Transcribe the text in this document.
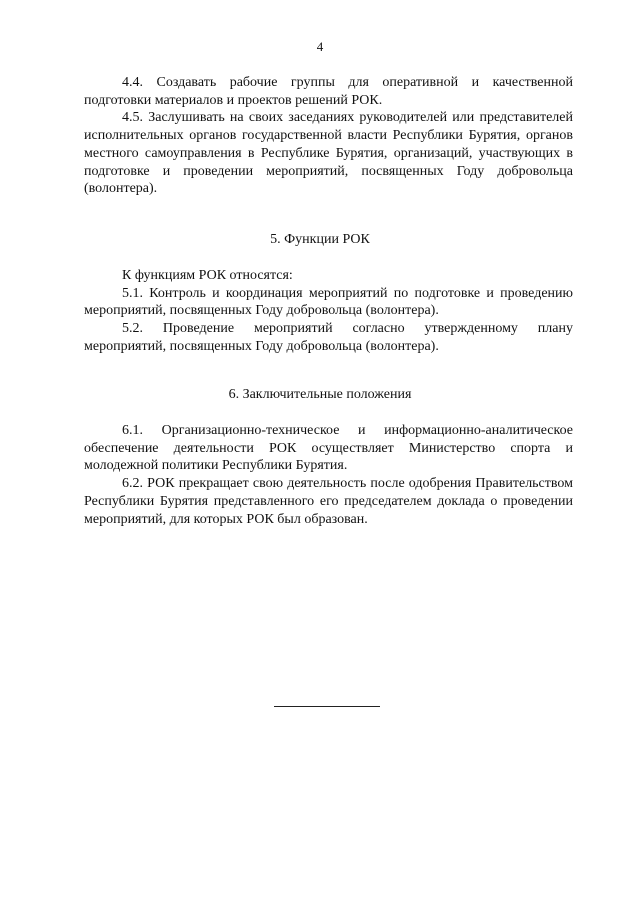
4

4.4. Создавать рабочие группы для оперативной и качественной подготовки материалов и проектов решений РОК.

4.5. Заслушивать на своих заседаниях руководителей или представителей исполнительных органов государственной власти Республики Бурятия, органов местного самоуправления в Республике Бурятия, организаций, участвующих в подготовке и проведении мероприятий, посвященных Году добровольца (волонтера).

5. Функции РОК

К функциям РОК относятся:

5.1. Контроль и координация мероприятий по подготовке и проведению мероприятий, посвященных Году добровольца (волонтера).

5.2. Проведение мероприятий согласно утвержденному плану мероприятий, посвященных Году добровольца (волонтера).

6. Заключительные положения

6.1. Организационно-техническое и информационно-аналитическое обеспечение деятельности РОК осуществляет Министерство спорта и молодежной политики Республики Бурятия.

6.2. РОК прекращает свою деятельность после одобрения Правительством Республики Бурятия представленного его председателем доклада о проведении мероприятий, для которых РОК был образован.
